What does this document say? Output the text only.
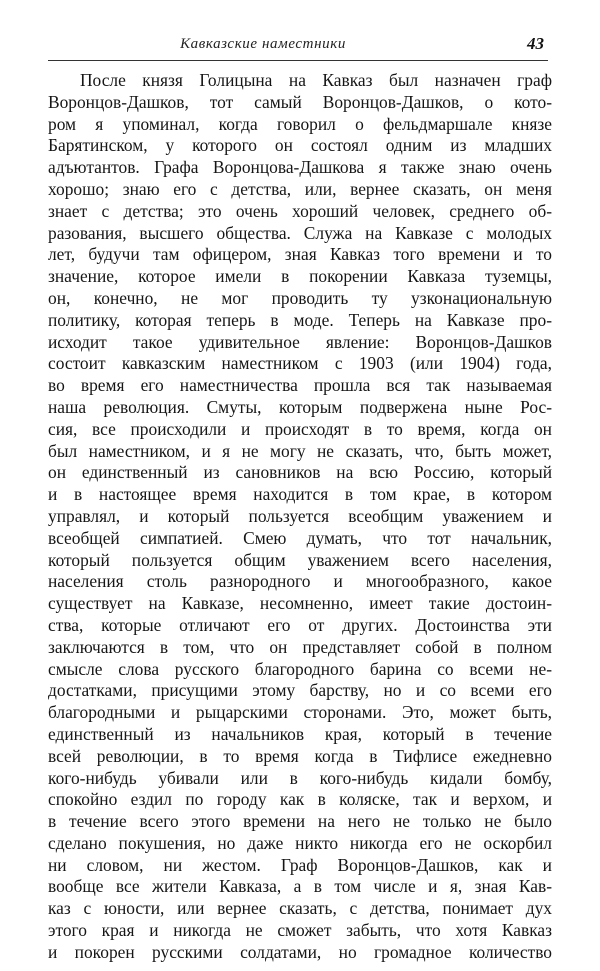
Кавказские наместники	43
После князя Голицына на Кавказ был назначен граф
Воронцов-Дашков, тот самый Воронцов-Дашков, о кото-
ром я упоминал, когда говорил о фельдмаршале князе
Барятинском, у которого он состоял одним из младших
адъютантов. Графа Воронцова-Дашкова я также знаю очень
хорошо; знаю его с детства, или, вернее сказать, он меня
знает с детства; это очень хороший человек, среднего об-
разования, высшего общества. Служа на Кавказе с молодых
лет, будучи там офицером, зная Кавказ того времени и то
значение, которое имели в покорении Кавказа туземцы,
он, конечно, не мог проводить ту узконациональную
политику, которая теперь в моде. Теперь на Кавказе про-
исходит такое удивительное явление: Воронцов-Дашков
состоит кавказским наместником с 1903 (или 1904) года,
во время его наместничества прошла вся так называемая
наша революция. Смуты, которым подвержена ныне Рос-
сия, все происходили и происходят в то время, когда он
был наместником, и я не могу не сказать, что, быть может,
он единственный из сановников на всю Россию, который
и в настоящее время находится в том крае, в котором
управлял, и который пользуется всеобщим уважением и
всеобщей симпатией. Смею думать, что тот начальник,
который пользуется общим уважением всего населения,
населения столь разнородного и многообразного, какое
существует на Кавказе, несомненно, имеет такие достоин-
ства, которые отличают его от других. Достоинства эти
заключаются в том, что он представляет собой в полном
смысле слова русского благородного барина со всеми не-
достатками, присущими этому барству, но и со всеми его
благородными и рыцарскими сторонами. Это, может быть,
единственный из начальников края, который в течение
всей революции, в то время когда в Тифлисе ежедневно
кого-нибудь убивали или в кого-нибудь кидали бомбу,
спокойно ездил по городу как в коляске, так и верхом, и
в течение всего этого времени на него не только не было
сделано покушения, но даже никто никогда его не оскорбил
ни словом, ни жестом. Граф Воронцов-Дашков, как и
вообще все жители Кавказа, а в том числе и я, зная Кав-
каз с юности, или вернее сказать, с детства, понимает дух
этого края и никогда не сможет забыть, что хотя Кавказ
и покорен русскими солдатами, но громадное количество
